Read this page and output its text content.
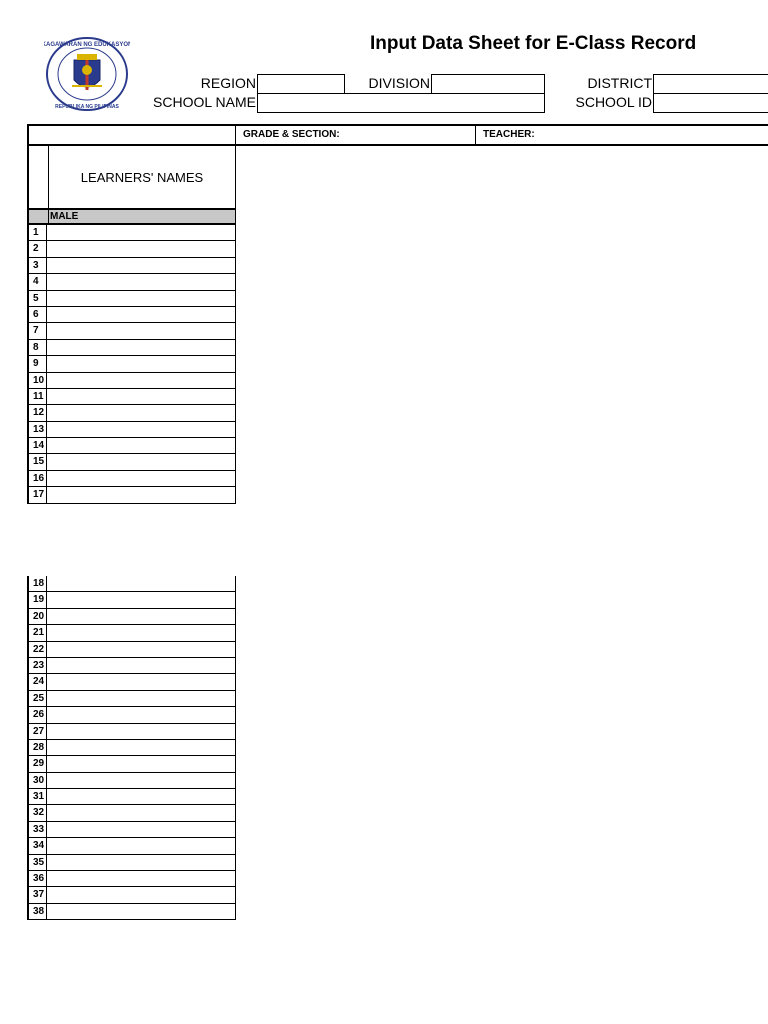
KAGAWARAN NG EDUKASYON
REPUBLIKA NG PILIPINAS
Input Data Sheet for E-Class Record
REGION	DIVISION	DISTRICT
SCHOOL NAME	SCHOOL ID
GRADE & SECTION:	TEACHER:
LEARNERS' NAMES
MALE
1
2
3
4
5
6
7
8
9
10
11
12
13
14
15
16
17
18
19
20
21
22
23
24
25
26
27
28
29
30
31
32
33
34
35
36
37
38
